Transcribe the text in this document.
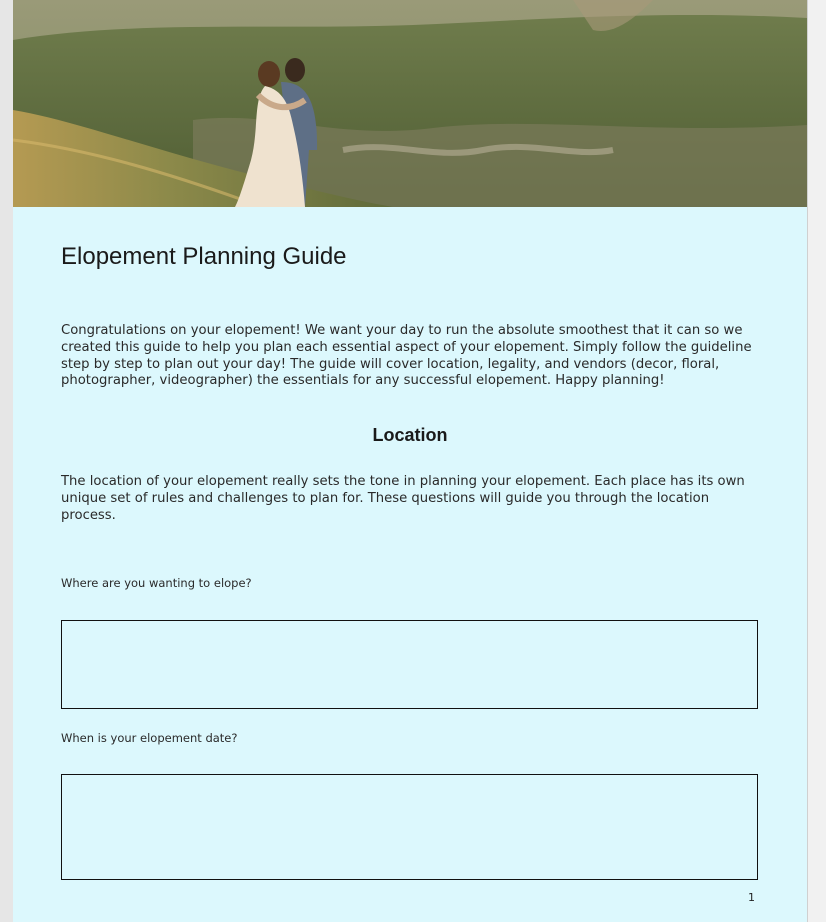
Elopement Planning Guide

Congratulations on your elopement! We want your day to run the absolute smoothest that it can so we created this guide to help you plan each essential aspect of your elopement. Simply follow the guideline step by step to plan out your day! The guide will cover location, legality, and vendors (decor, floral, photographer, videographer) the essentials for any successful elopement. Happy planning!

Location

The location of your elopement really sets the tone in planning your elopement. Each place has its own unique set of rules and challenges to plan for. These questions will guide you through the location process.

Where are you wanting to elope?

When is your elopement date?

1
